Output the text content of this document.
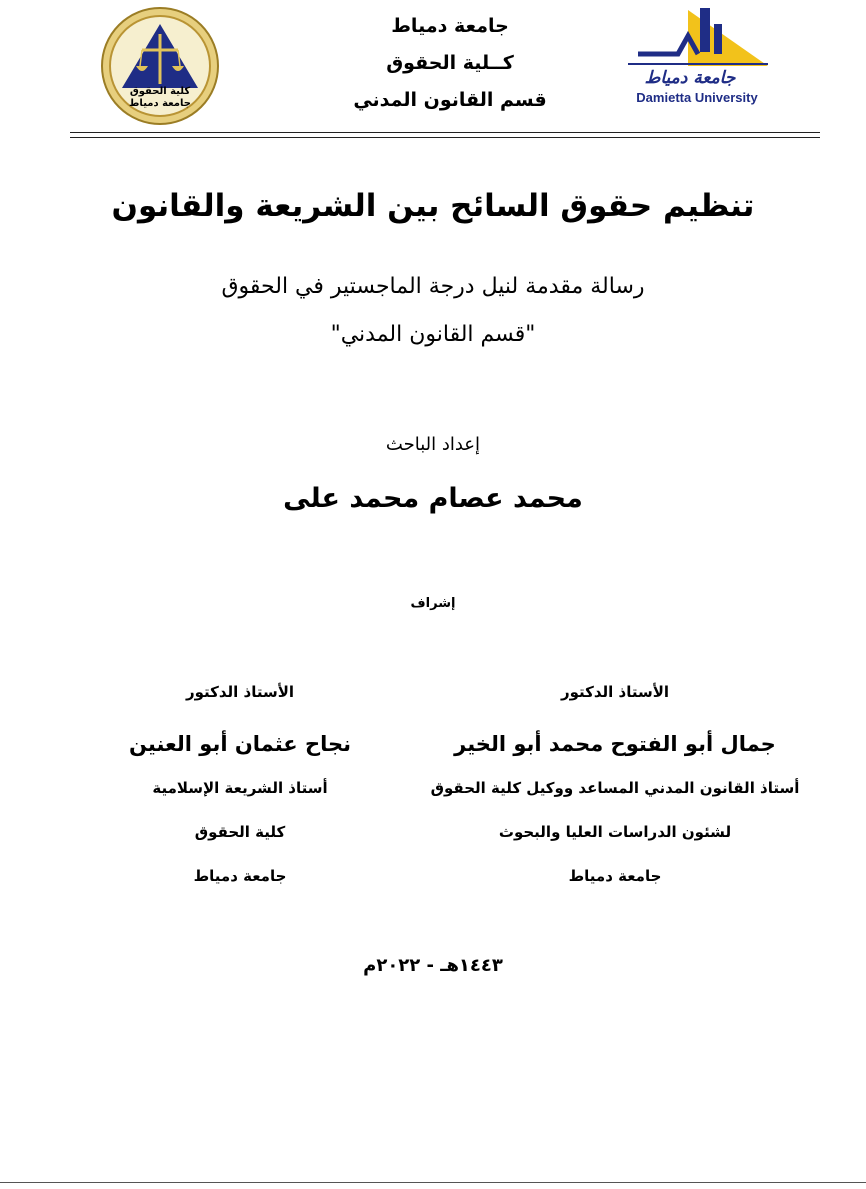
كلية الحقوق
جامعة دمياط
جامعة دمياط
كــلية الحقوق
قسم القانون المدني
جامعة دمياط
Damietta University
تنظيم حقوق السائح بين الشريعة والقانون
رسالة مقدمة لنيل درجة الماجستير في الحقوق
"قسم القانون المدني"
إعداد الباحث
محمد عصام محمد على
إشراف
الأستاذ الدكتور
جمال أبو الفتوح محمد أبو الخير
أستاذ القانون المدني المساعد ووكيل كلية الحقوق
لشئون الدراسات العليا والبحوث
جامعة دمياط
الأستاذ الدكتور
نجاح عثمان أبو العنين
أستاذ الشريعة الإسلامية
كلية الحقوق
جامعة دمياط
١٤٤٣هـ - ٢٠٢٢م
